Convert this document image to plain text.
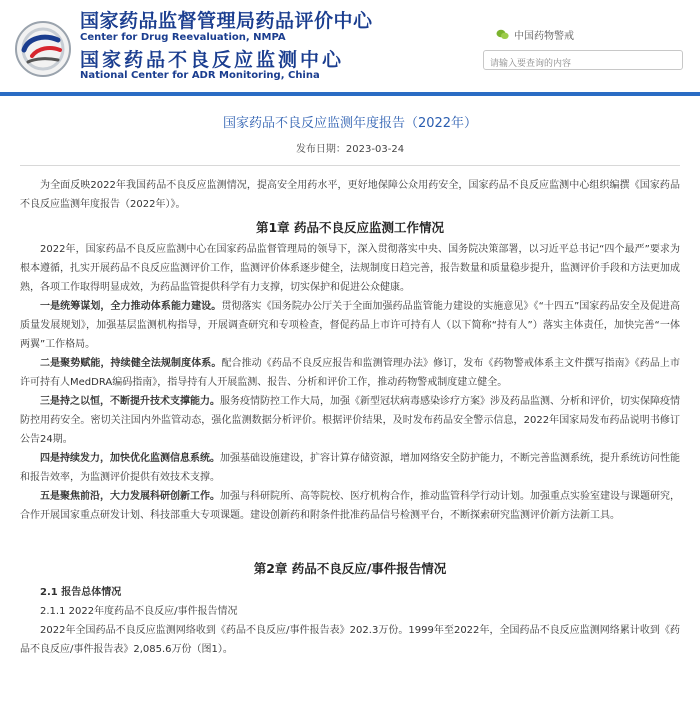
国家药品监督管理局药品评价中心
Center for Drug Reevaluation, NMPA
国家药品不良反应监测中心
National Center for ADR Monitoring, China
中国药物警戒
请输入要查询的内容
国家药品不良反应监测年度报告（2022年）
发布日期：2023-03-24

为全面反映2022年我国药品不良反应监测情况，提高安全用药水平，更好地保障公众用药安全，国家药品不良反应监测中心组织编撰《国家药品不良反应监测年度报告（2022年）》。

第1章 药品不良反应监测工作情况

2022年，国家药品不良反应监测中心在国家药品监督管理局的领导下，深入贯彻落实中央、国务院决策部署，以习近平总书记“四个最严”要求为根本遵循，扎实开展药品不良反应监测评价工作，监测评价体系逐步健全，法规制度日趋完善，报告数量和质量稳步提升，监测评价手段和方法更加成熟，各项工作取得明显成效，为药品监管提供科学有力支撑，切实保护和促进公众健康。

一是统筹谋划，全力推动体系能力建设。贯彻落实《国务院办公厅关于全面加强药品监管能力建设的实施意见》《“十四五”国家药品安全及促进高质量发展规划》，加强基层监测机构指导，开展调查研究和专项检查，督促药品上市许可持有人（以下简称“持有人”）落实主体责任，加快完善“一体两翼”工作格局。

二是聚势赋能，持续健全法规制度体系。配合推动《药品不良反应报告和监测管理办法》修订，发布《药物警戒体系主文件撰写指南》《药品上市许可持有人MedDRA编码指南》，指导持有人开展监测、报告、分析和评价工作，推动药物警戒制度建立健全。

三是持之以恒，不断提升技术支撑能力。服务疫情防控工作大局，加强《新型冠状病毒感染诊疗方案》涉及药品监测、分析和评价，切实保障疫情防控用药安全。密切关注国内外监管动态，强化监测数据分析评价。根据评价结果，及时发布药品安全警示信息，2022年国家局发布药品说明书修订公告24期。

四是持续发力，加快优化监测信息系统。加强基础设施建设，扩容计算存储资源，增加网络安全防护能力，不断完善监测系统，提升系统访问性能和报告效率，为监测评价提供有效技术支撑。

五是聚焦前沿，大力发展科研创新工作。加强与科研院所、高等院校、医疗机构合作，推动监管科学行动计划。加强重点实验室建设与课题研究，合作开展国家重点研发计划、科技部重大专项课题。建设创新药和附条件批准药品信号检测平台，不断探索研究监测评价新方法新工具。

第2章 药品不良反应/事件报告情况
2.1 报告总体情况
2.1.1 2022年度药品不良反应/事件报告情况

2022年全国药品不良反应监测网络收到《药品不良反应/事件报告表》202.3万份。1999年至2022年，全国药品不良反应监测网络累计收到《药品不良反应/事件报告表》2,085.6万份（图1）。
